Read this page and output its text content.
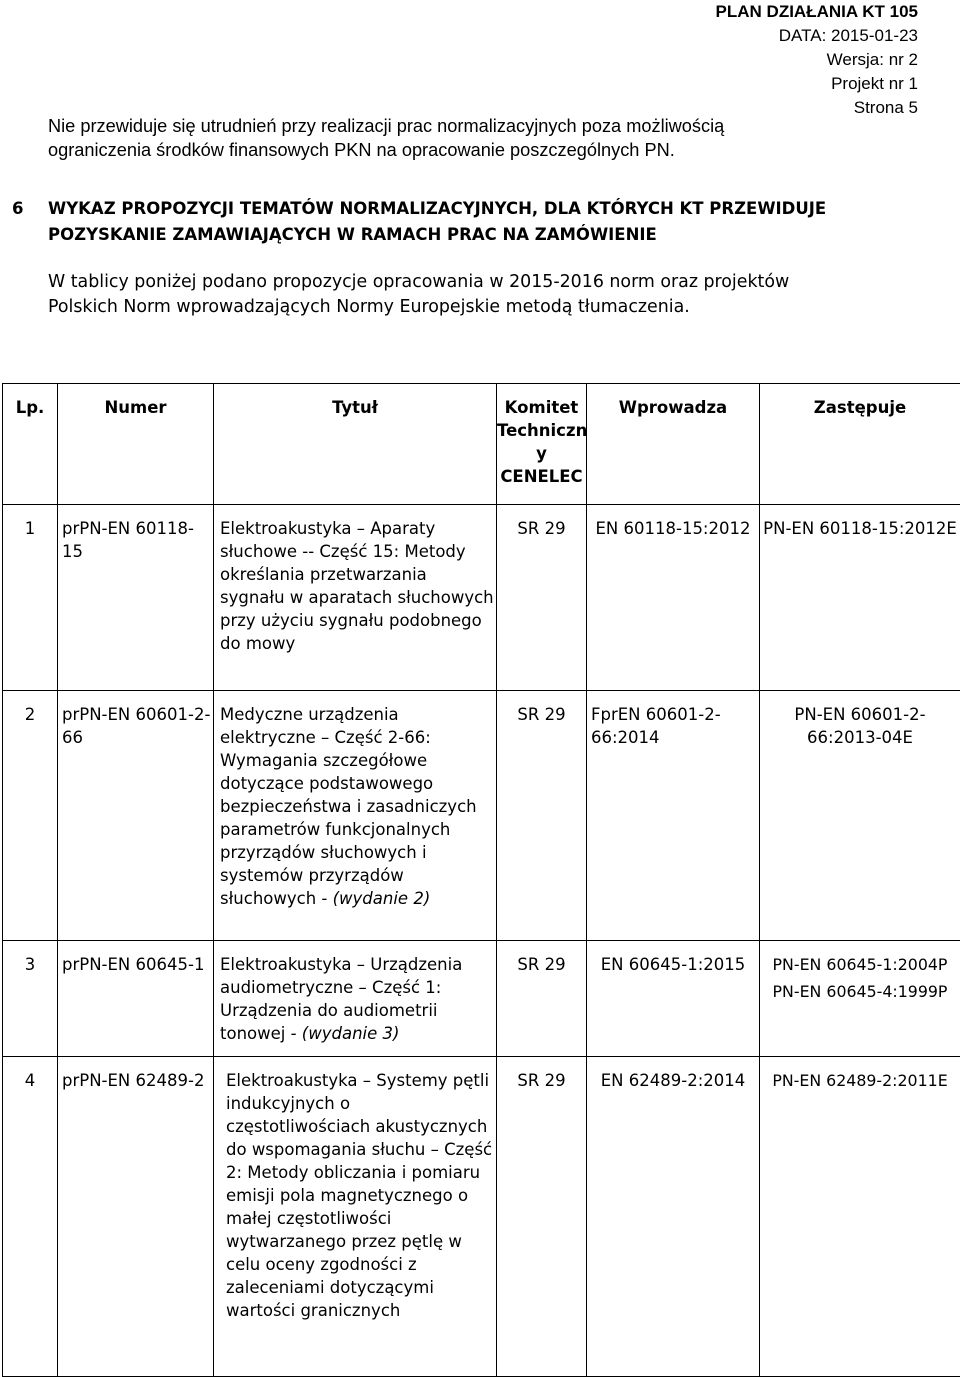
PLAN DZIAŁANIA KT 105
DATA: 2015-01-23
Wersja: nr 2
Projekt nr 1
Strona 5
Nie przewiduje się utrudnień przy realizacji prac normalizacyjnych poza możliwością
ograniczenia środków finansowych PKN na opracowanie poszczególnych PN.
6 WYKAZ PROPOZYCJI TEMATÓW NORMALIZACYJNYCH, DLA KTÓRYCH KT PRZEWIDUJE
POZYSKANIE ZAMAWIAJĄCYCH W RAMACH PRAC NA ZAMÓWIENIE
W tablicy poniżej podano propozycje opracowania w 2015-2016 norm oraz projektów
Polskich Norm wprowadzających Normy Europejskie metodą tłumaczenia.
Lp.	Numer	Tytuł	Komitet
Techniczn
y
CENELEC	Wprowadza	Zastępuje
1	prPN-EN 60118-15	Elektroakustyka – Aparaty słuchowe -- Część 15: Metody określania przetwarzania sygnału w aparatach słuchowych przy użyciu sygnału podobnego do mowy	SR 29	EN 60118-15:2012	PN-EN 60118-15:2012E

2	prPN-EN 60601-2-66	Medyczne urządzenia elektryczne – Część 2-66: Wymagania szczegółowe dotyczące podstawowego bezpieczeństwa i zasadniczych parametrów funkcjonalnych przyrządów słuchowych i systemów przyrządów słuchowych - (wydanie 2)	SR 29	FprEN 60601-2-66:2014	PN-EN 60601-2-66:2013-04E

3	prPN-EN 60645-1	Elektroakustyka – Urządzenia audiometryczne – Część 1: Urządzenia do audiometrii tonowej - (wydanie 3)	SR 29	EN 60645-1:2015	PN-EN 60645-1:2004P
PN-EN 60645-4:1999P

4	prPN-EN 62489-2	Elektroakustyka – Systemy pętli indukcyjnych o częstotliwościach akustycznych do wspomagania słuchu – Część 2: Metody obliczania i pomiaru emisji pola magnetycznego o małej częstotliwości wytwarzanego przez pętlę w celu oceny zgodności z zaleceniami dotyczącymi wartości granicznych	SR 29	EN 62489-2:2014	PN-EN 62489-2:2011E
